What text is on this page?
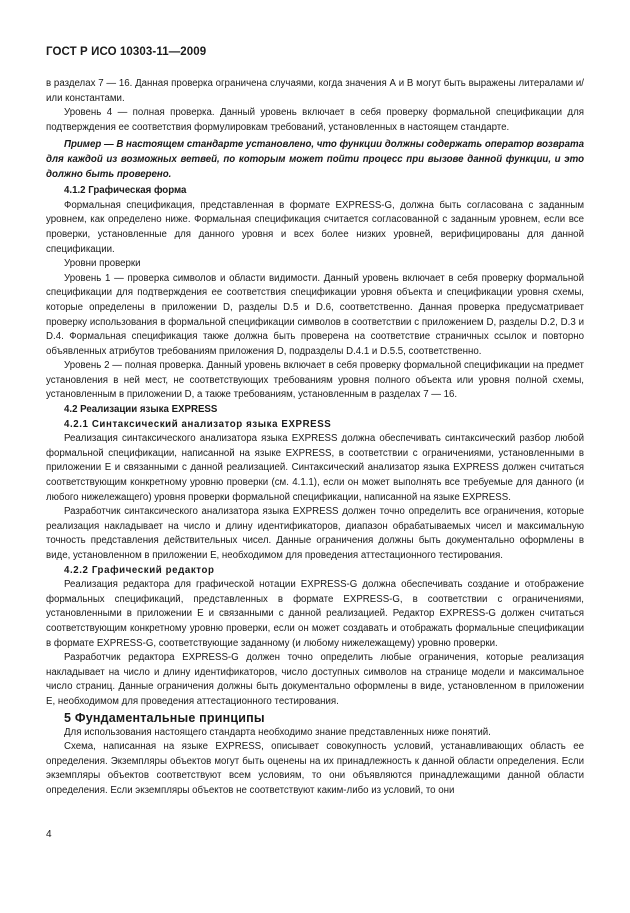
ГОСТ Р ИСО 10303-11—2009

в разделах 7 — 16. Данная проверка ограничена случаями, когда значения А и В могут быть выражены литералами и/или константами.

Уровень 4 — полная проверка. Данный уровень включает в себя проверку формальной спецификации для подтверждения ее соответствия формулировкам требований, установленных в настоящем стандарте.

Пример — В настоящем стандарте установлено, что функции должны содержать оператор возврата для каждой из возможных ветвей, по которым может пойти процесс при вызове данной функции, и это должно быть проверено.

4.1.2 Графическая форма

Формальная спецификация, представленная в формате EXPRESS-G, должна быть согласована с заданным уровнем, как определено ниже. Формальная спецификация считается согласованной с заданным уровнем, если все проверки, установленные для данного уровня и всех более низких уровней, верифицированы для данной спецификации.

Уровни проверки

Уровень 1 — проверка символов и области видимости. Данный уровень включает в себя проверку формальной спецификации для подтверждения ее соответствия спецификации уровня объекта и спецификации уровня схемы, которые определены в приложении D, разделы D.5 и D.6, соответственно. Данная проверка предусматривает проверку использования в формальной спецификации символов в соответствии с приложением D, разделы D.2, D.3 и D.4. Формальная спецификация также должна быть проверена на соответствие страничных ссылок и повторно объявленных атрибутов требованиям приложения D, подразделы D.4.1 и D.5.5, соответственно.

Уровень 2 — полная проверка. Данный уровень включает в себя проверку формальной спецификации на предмет установления в ней мест, не соответствующих требованиям уровня полного объекта или уровня полной схемы, установленным в приложении D, а также требованиям, установленным в разделах 7 — 16.

4.2 Реализации языка EXPRESS

4.2.1 Синтаксический анализатор языка EXPRESS

Реализация синтаксического анализатора языка EXPRESS должна обеспечивать синтаксический разбор любой формальной спецификации, написанной на языке EXPRESS, в соответствии с ограничениями, установленными в приложении Е и связанными с данной реализацией. Синтаксический анализатор языка EXPRESS должен считаться соответствующим конкретному уровню проверки (см. 4.1.1), если он может выполнять все требуемые для данного (и любого нижележащего) уровня проверки формальной спецификации, написанной на языке EXPRESS.

Разработчик синтаксического анализатора языка EXPRESS должен точно определить все ограничения, которые реализация накладывает на число и длину идентификаторов, диапазон обрабатываемых чисел и максимальную точность представления действительных чисел. Данные ограничения должны быть документально оформлены в виде, установленном в приложении Е, необходимом для проведения аттестационного тестирования.

4.2.2 Графический редактор

Реализация редактора для графической нотации EXPRESS-G должна обеспечивать создание и отображение формальных спецификаций, представленных в формате EXPRESS-G, в соответствии с ограничениями, установленными в приложении Е и связанными с данной реализацией. Редактор EXPRESS-G должен считаться соответствующим конкретному уровню проверки, если он может создавать и отображать формальные спецификации в формате EXPRESS-G, соответствующие заданному (и любому нижележащему) уровню проверки.

Разработчик редактора EXPRESS-G должен точно определить любые ограничения, которые реализация накладывает на число и длину идентификаторов, число доступных символов на странице модели и максимальное число страниц. Данные ограничения должны быть документально оформлены в виде, установленном в приложении Е, необходимом для проведения аттестационного тестирования.

5 Фундаментальные принципы

Для использования настоящего стандарта необходимо знание представленных ниже понятий.

Схема, написанная на языке EXPRESS, описывает совокупность условий, устанавливающих область ее определения. Экземпляры объектов могут быть оценены на их принадлежность к данной области определения. Если экземпляры объектов соответствуют всем условиям, то они объявляются принадлежащими данной области определения. Если экземпляры объектов не соответствуют каким-либо из условий, то они

4
